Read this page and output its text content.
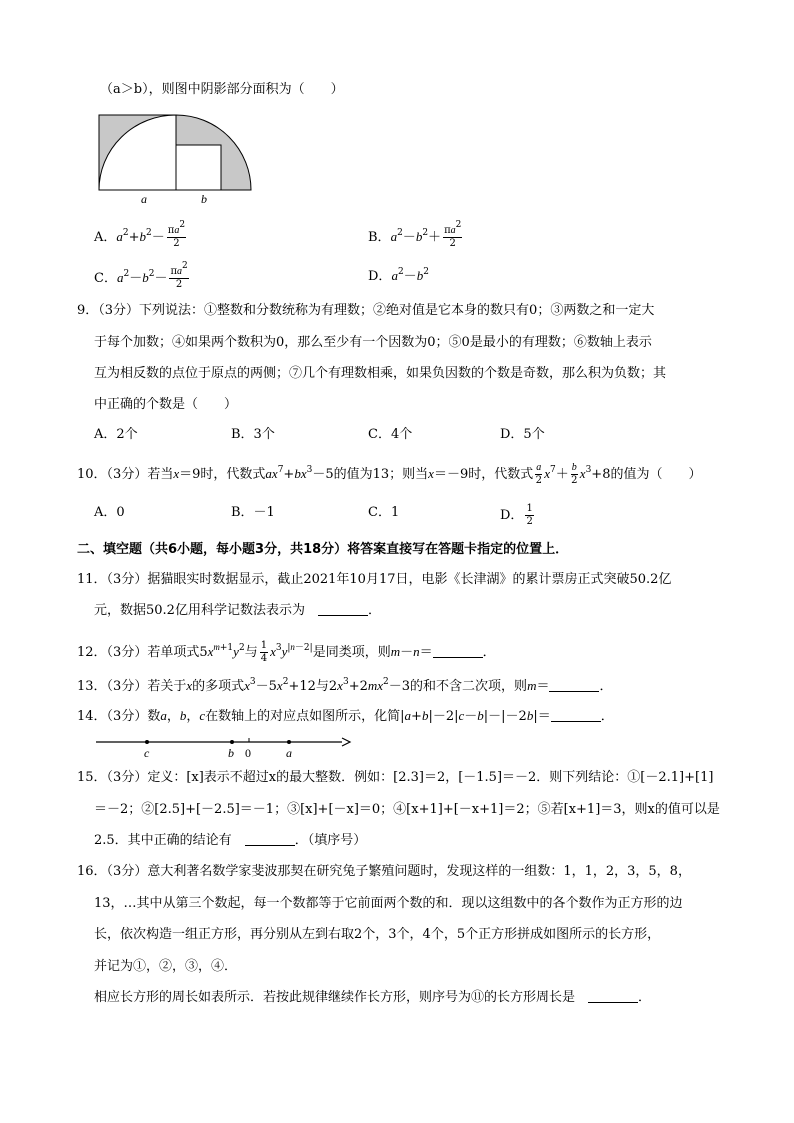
（a＞b），则图中阴影部分面积为（　　）
a	b
A．$a^2+b^2- \frac{\pi a^2}{2}$	B．$a^2-b^2+ \frac{\pi a^2}{2}$
C．$a^2-b^2- \frac{\pi a^2}{2}$	D．$a^2-b^2$
9．（3分）下列说法：①整数和分数统称为有理数；②绝对值是它本身的数只有0；③两数之和一定大
于每个加数；④如果两个数积为0，那么至少有一个因数为0；⑤0是最小的有理数；⑥数轴上表示
互为相反数的点位于原点的两侧；⑦几个有理数相乘，如果负因数的个数是奇数，那么积为负数；其
中正确的个数是（　　）
A．2个	B．3个	C．4个	D．5个
10．（3分）若当x＝9时，代数式$ax^7+bx^3-5$的值为13；则当x＝－9时，代数式 $\frac{a}{2} x^7+ \frac{b}{2} x^3+8$的值为（　　）
A．0	B．－1	C．1	D． $\frac{1}{2}$
二、填空题（共6小题，每小题3分，共18分）将答案直接写在答题卡指定的位置上．
11．（3分）据猫眼实时数据显示，截止2021年10月17日，电影《长津湖》的累计票房正式突破50.2亿
元，数据50.2亿用科学记数法表示为　	．
12．（3分）若单项式$5x^{m+1}y^2$与 $\frac{1}{4} x^3y^{|n-2|}$是同类项，则m－n＝	．
13．（3分）若关于x的多项式$x^3-5x^2+12$与$2x^3+2mx^2-3$的和不含二次项，则m＝	．
14．（3分）数a，b，c在数轴上的对应点如图所示，化简|a+b|－2|c－b|－|－2b|＝	．
c	b 0	a
15．（3分）定义：[x]表示不超过x的最大整数．例如：[2.3]＝2，[－1.5]＝－2．则下列结论：①[－2.1]+[1]
＝－2；②[2.5]+[－2.5]＝－1；③[x]+[－x]＝0；④[x+1]+[－x+1]＝2；⑤若[x+1]＝3，则x的值可以是
2.5．其中正确的结论有　	．（填序号）
16．（3分）意大利著名数学家斐波那契在研究兔子繁殖问题时，发现这样的一组数：1，1，2，3，5，8，
13，…其中从第三个数起，每一个数都等于它前面两个数的和．现以这组数中的各个数作为正方形的边
长，依次构造一组正方形，再分别从左到右取2个，3个，4个，5个正方形拼成如图所示的长方形，
并记为①，②，③，④．
相应长方形的周长如表所示．若按此规律继续作长方形，则序号为⑪的长方形周长是　	．
